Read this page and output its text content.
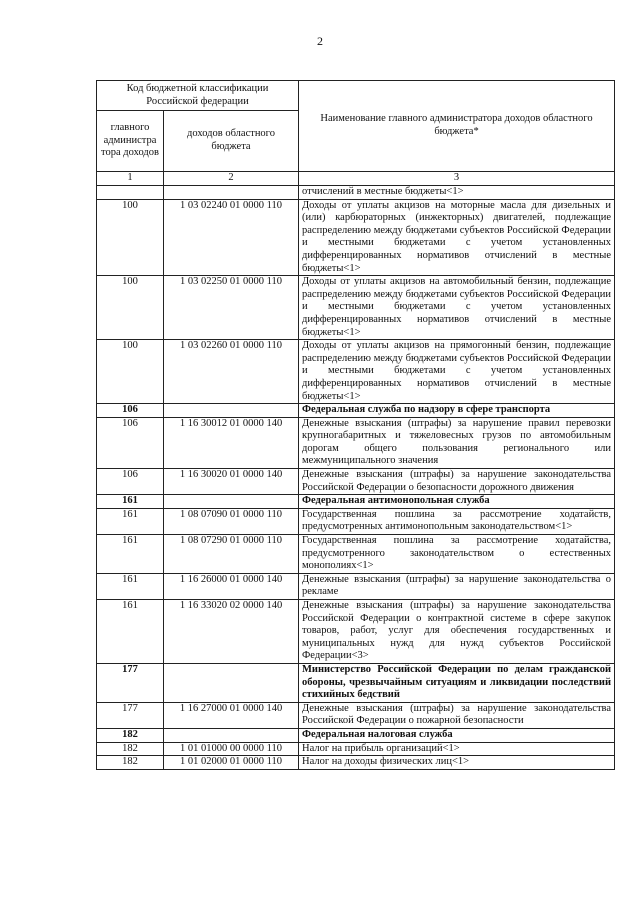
2
Код бюджетной классификации Российской федерации		Наименование главного администратора доходов областного бюджета*
главного администра тора доходов	доходов областного бюджета	
1	2	3
		отчислений в местные бюджеты<1>
100	1 03 02240 01 0000 110	Доходы от уплаты акцизов на моторные масла для дизельных и (или) карбюраторных (инжекторных) двигателей, подлежащие распределению между бюджетами субъектов Российской Федерации и местными бюджетами с учетом установленных дифференцированных нормативов отчислений в местные бюджеты<1>
100	1 03 02250 01 0000 110	Доходы от уплаты акцизов на автомобильный бензин, подлежащие распределению между бюджетами субъектов Российской Федерации и местными бюджетами с учетом установленных дифференцированных нормативов отчислений в местные бюджеты<1>
100	1 03 02260 01 0000 110	Доходы от уплаты акцизов на прямогонный бензин, подлежащие распределению между бюджетами субъектов Российской Федерации и местными бюджетами с учетом установленных дифференцированных нормативов отчислений в местные бюджеты<1>
106		Федеральная служба по надзору в сфере транспорта
106	1 16 30012 01 0000 140	Денежные взыскания (штрафы) за нарушение правил перевозки крупногабаритных и тяжеловесных грузов по автомобильным дорогам общего пользования регионального или межмуниципального значения
106	1 16 30020 01 0000 140	Денежные взыскания (штрафы) за нарушение законодательства Российской Федерации о безопасности дорожного движения
161		Федеральная антимонопольная служба
161	1 08 07090 01 0000 110	Государственная пошлина за рассмотрение ходатайств, предусмотренных антимонопольным законодательством<1>
161	1 08 07290 01 0000 110	Государственная пошлина за рассмотрение ходатайства, предусмотренного законодательством о естественных монополиях<1>
161	1 16 26000 01 0000 140	Денежные взыскания (штрафы) за нарушение законодательства о рекламе
161	1 16 33020 02 0000 140	Денежные взыскания (штрафы) за нарушение законодательства Российской Федерации о контрактной системе в сфере закупок товаров, работ, услуг для обеспечения государственных и муниципальных нужд для нужд субъектов Российской Федерации<3>
177		Министерство Российской Федерации по делам гражданской обороны, чрезвычайным ситуациям и ликвидации последствий стихийных бедствий
177	1 16 27000 01 0000 140	Денежные взыскания (штрафы) за нарушение законодательства Российской Федерации о пожарной безопасности
182		Федеральная налоговая служба
182	1 01 01000 00 0000 110	Налог на прибыль организаций<1>
182	1 01 02000 01 0000 110	Налог на доходы физических лиц<1>
